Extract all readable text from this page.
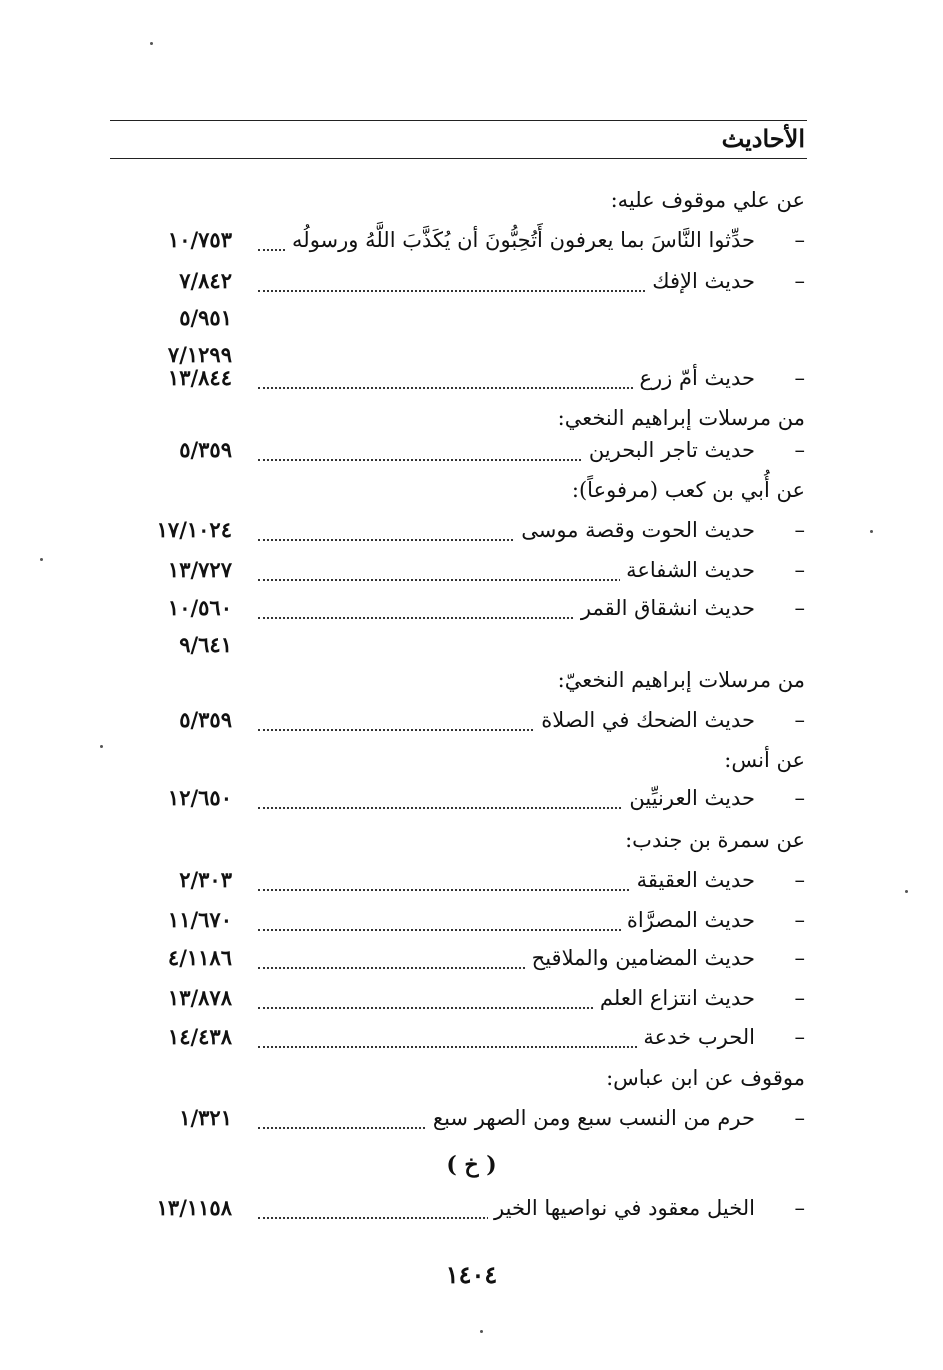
الأحاديث
عن علي موقوف عليه:
–
حدِّثوا النَّاسَ بما يعرفون أَتُحِبُّونَ أن يُكَذَّبَ اللَّهُ ورسولُه
١٠/٧٥٣
–
حديث الإفك
٧/٨٤٢
٥/٩٥١
٧/١٢٩٩
–
حديث أمّ زرع
١٣/٨٤٤
من مرسلات إبراهيم النخعي:
–
حديث تاجر البحرين
٥/٣٥٩
عن أُبي بن كعب (مرفوعاً):
–
حديث الحوت وقصة موسى
١٧/١٠٢٤
–
حديث الشفاعة
١٣/٧٢٧
–
حديث انشقاق القمر
١٠/٥٦٠
٩/٦٤١
من مرسلات إبراهيم النخعيّ:
–
حديث الضحك في الصلاة
٥/٣٥٩
عن أنس:
–
حديث العرنيِّين
١٢/٦٥٠
عن سمرة بن جندب:
–
حديث العقيقة
٢/٣٠٣
–
حديث المصرَّاة
١١/٦٧٠
–
حديث المضامين والملاقيح
٤/١١٨٦
–
حديث انتزاع العلم
١٣/٨٧٨
–
الحرب خدعة
١٤/٤٣٨
موقوف عن ابن عباس:
–
حرم من النسب سبع ومن الصهر سبع
١/٣٢١
( خ )
–
الخيل معقود في نواصيها الخير
١٣/١١٥٨
١٤٠٤
